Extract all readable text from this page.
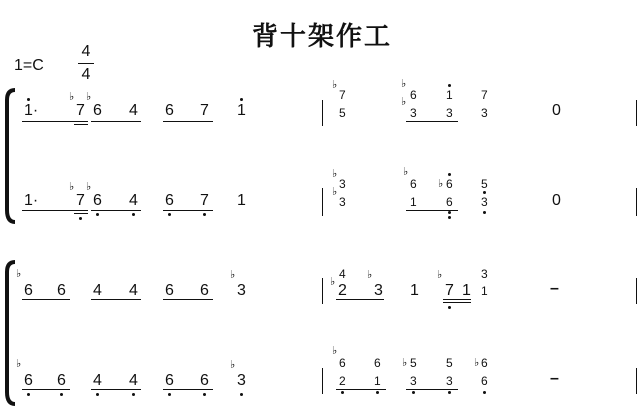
背十架作工
1=C
4
4
1·
♭ ♭
7 6 4 6 7 1
♭
7
5
♭
6
♭
3
1
3
7
3	0
1·
♭ ♭
7 6 4 6 7 1
♭
3
♭
3
♭
6
1
♭ 6
6
5
3	0
♭
6 6 4 4 6 6
♭
3
4
♭
2
♭
3 1
♭
7 1
3
1	–
♭
6 6 4 4 6 6
♭
3
♭
6
2
6
1
♭ 5
3
5
3
♭ 6
6	–
